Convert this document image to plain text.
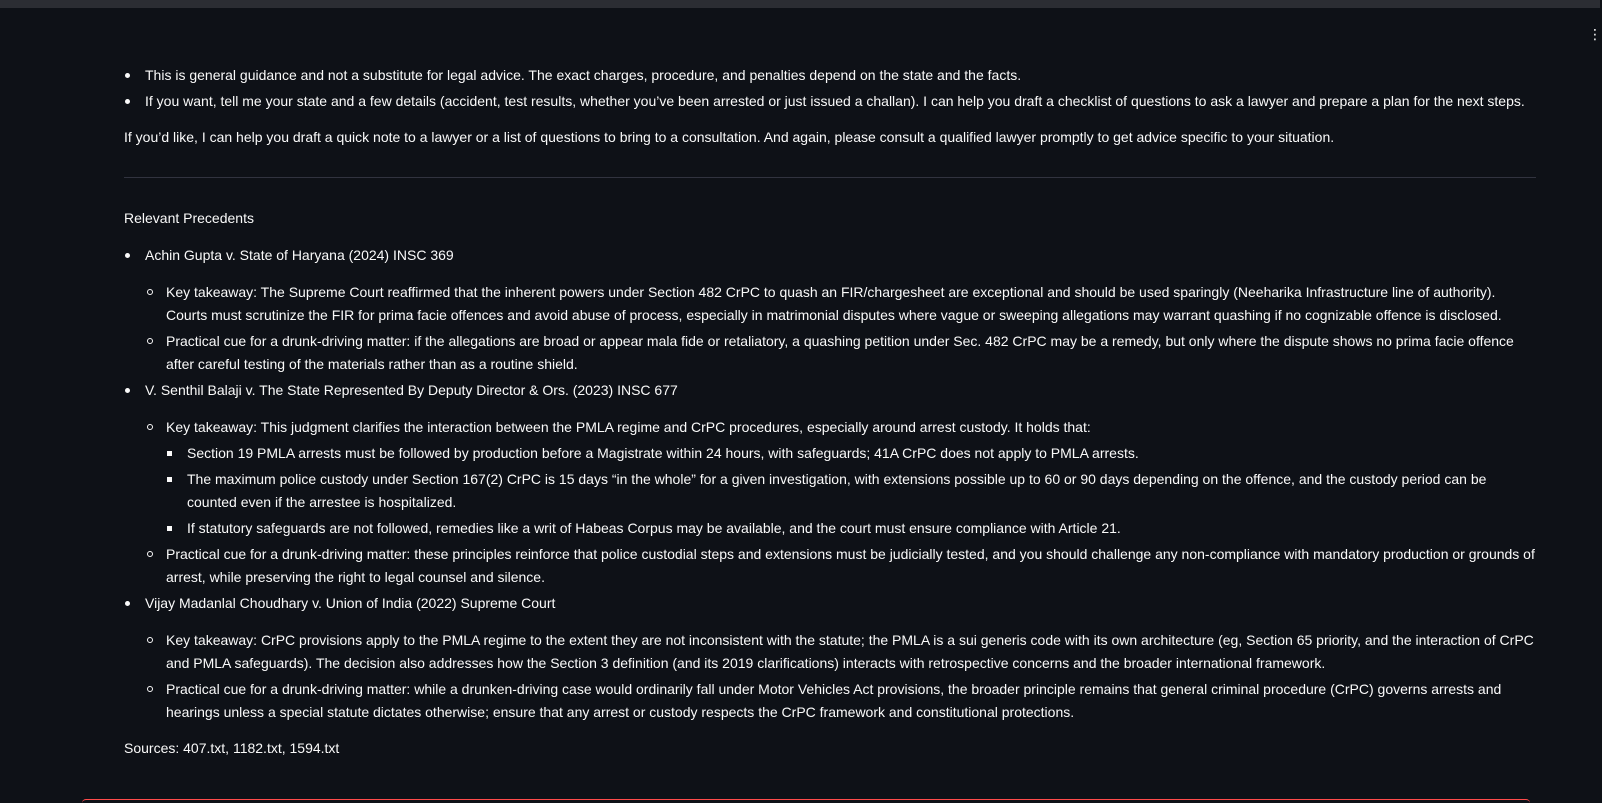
⋮
This is general guidance and not a substitute for legal advice. The exact charges, procedure, and penalties depend on the state and the facts.
If you want, tell me your state and a few details (accident, test results, whether you’ve been arrested or just issued a challan). I can help you draft a checklist of questions to ask a lawyer and prepare a plan for the next steps.

If you’d like, I can help you draft a quick note to a lawyer or a list of questions to bring to a consultation. And again, please consult a qualified lawyer promptly to get advice specific to your situation.

Relevant Precedents

Achin Gupta v. State of Haryana (2024) INSC 369
Key takeaway: The Supreme Court reaffirmed that the inherent powers under Section 482 CrPC to quash an FIR/chargesheet are exceptional and should be used sparingly (Neeharika Infrastructure line of authority). Courts must scrutinize the FIR for prima facie offences and avoid abuse of process, especially in matrimonial disputes where vague or sweeping allegations may warrant quashing if no cognizable offence is disclosed.
Practical cue for a drunk-driving matter: if the allegations are broad or appear mala fide or retaliatory, a quashing petition under Sec. 482 CrPC may be a remedy, but only where the dispute shows no prima facie offence after careful testing of the materials rather than as a routine shield.
V. Senthil Balaji v. The State Represented By Deputy Director & Ors. (2023) INSC 677
Key takeaway: This judgment clarifies the interaction between the PMLA regime and CrPC procedures, especially around arrest custody. It holds that:
Section 19 PMLA arrests must be followed by production before a Magistrate within 24 hours, with safeguards; 41A CrPC does not apply to PMLA arrests.
The maximum police custody under Section 167(2) CrPC is 15 days “in the whole” for a given investigation, with extensions possible up to 60 or 90 days depending on the offence, and the custody period can be counted even if the arrestee is hospitalized.
If statutory safeguards are not followed, remedies like a writ of Habeas Corpus may be available, and the court must ensure compliance with Article 21.
Practical cue for a drunk-driving matter: these principles reinforce that police custodial steps and extensions must be judicially tested, and you should challenge any non-compliance with mandatory production or grounds of arrest, while preserving the right to legal counsel and silence.
Vijay Madanlal Choudhary v. Union of India (2022) Supreme Court
Key takeaway: CrPC provisions apply to the PMLA regime to the extent they are not inconsistent with the statute; the PMLA is a sui generis code with its own architecture (eg, Section 65 priority, and the interaction of CrPC and PMLA safeguards). The decision also addresses how the Section 3 definition (and its 2019 clarifications) interacts with retrospective concerns and the broader international framework.
Practical cue for a drunk-driving matter: while a drunken-driving case would ordinarily fall under Motor Vehicles Act provisions, the broader principle remains that general criminal procedure (CrPC) governs arrests and hearings unless a special statute dictates otherwise; ensure that any arrest or custody respects the CrPC framework and constitutional protections.

Sources: 407.txt, 1182.txt, 1594.txt
